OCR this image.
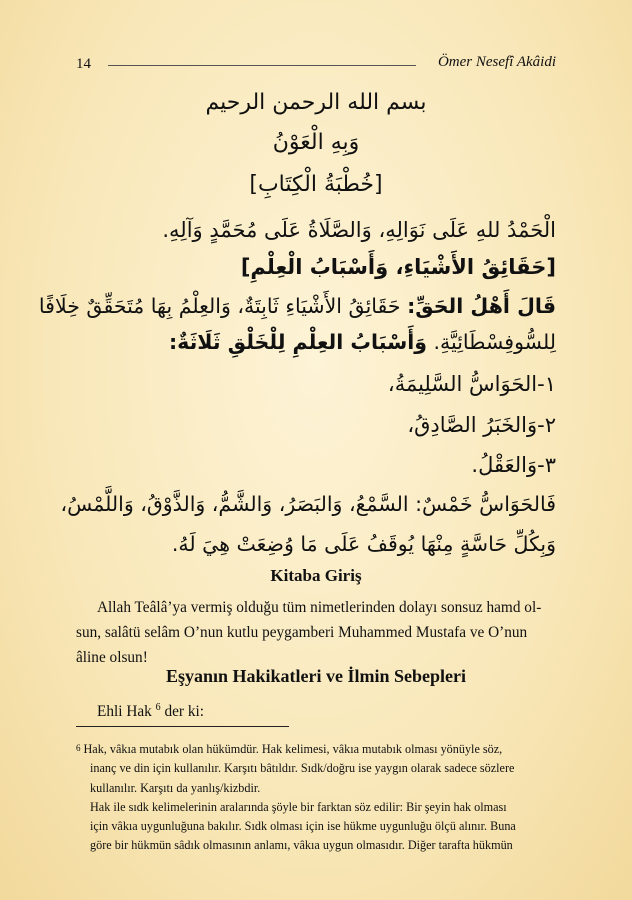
14	Ömer Nesefî Akâidi
بسم الله الرحمن الرحيم
وَبِهِ الْعَوْنُ
[خُطْبَةُ الْكِتَابِ]
الْحَمْدُ للهِ عَلَى نَوَالِهِ، وَالصَّلَاةُ عَلَى مُحَمَّدٍ وَآلِهِ.
[حَقَائِقُ الأَشْيَاءِ، وَأَسْبَابُ الْعِلْمِ]
قَالَ أَهْلُ الحَقِّ: حَقَائِقُ الأَشْيَاءِ ثَابِتَةٌ، وَالعِلْمُ بِهَا مُتَحَقِّقٌ خِلَافًا
لِلسُّوفِسْطَائِيَّةِ. وَأَسْبَابُ العِلْمِ لِلْخَلْقِ ثَلَاثَةٌ:
١-الحَوَاسُّ السَّلِيمَةُ،
٢-وَالخَبَرُ الصَّادِقُ،
٣-وَالعَقْلُ.
فَالحَوَاسُّ خَمْسٌ: السَّمْعُ، وَالبَصَرُ، وَالشَّمُّ، وَالذَّوْقُ، وَاللَّمْسُ،
وَبِكُلِّ حَاسَّةٍ مِنْهَا يُوقَفُ عَلَى مَا وُضِعَتْ هِيَ لَهُ.
Kitaba Giriş
Allah Teâlâ’ya vermiş olduğu tüm nimetlerinden dolayı sonsuz hamd ol-
sun, salâtü selâm O’nun kutlu peygamberi Muhammed Mustafa ve O’nun
âline olsun!
Eşyanın Hakikatleri ve İlmin Sebepleri
Ehli Hak $^6$ der ki:
6 Hak, vâkıa mutabık olan hükümdür. Hak kelimesi, vâkıa mutabık olması yönüyle söz,
inanç ve din için kullanılır. Karşıtı bâtıldır. Sıdk/doğru ise yaygın olarak sadece sözlere
kullanılır. Karşıtı da yanlış/kizbdir.
Hak ile sıdk kelimelerinin aralarında şöyle bir farktan söz edilir: Bir şeyin hak olması
için vâkıa uygunluğuna bakılır. Sıdk olması için ise hükme uygunluğu ölçü alınır. Buna
göre bir hükmün sâdık olmasının anlamı, vâkıa uygun olmasıdır. Diğer tarafta hükmün
